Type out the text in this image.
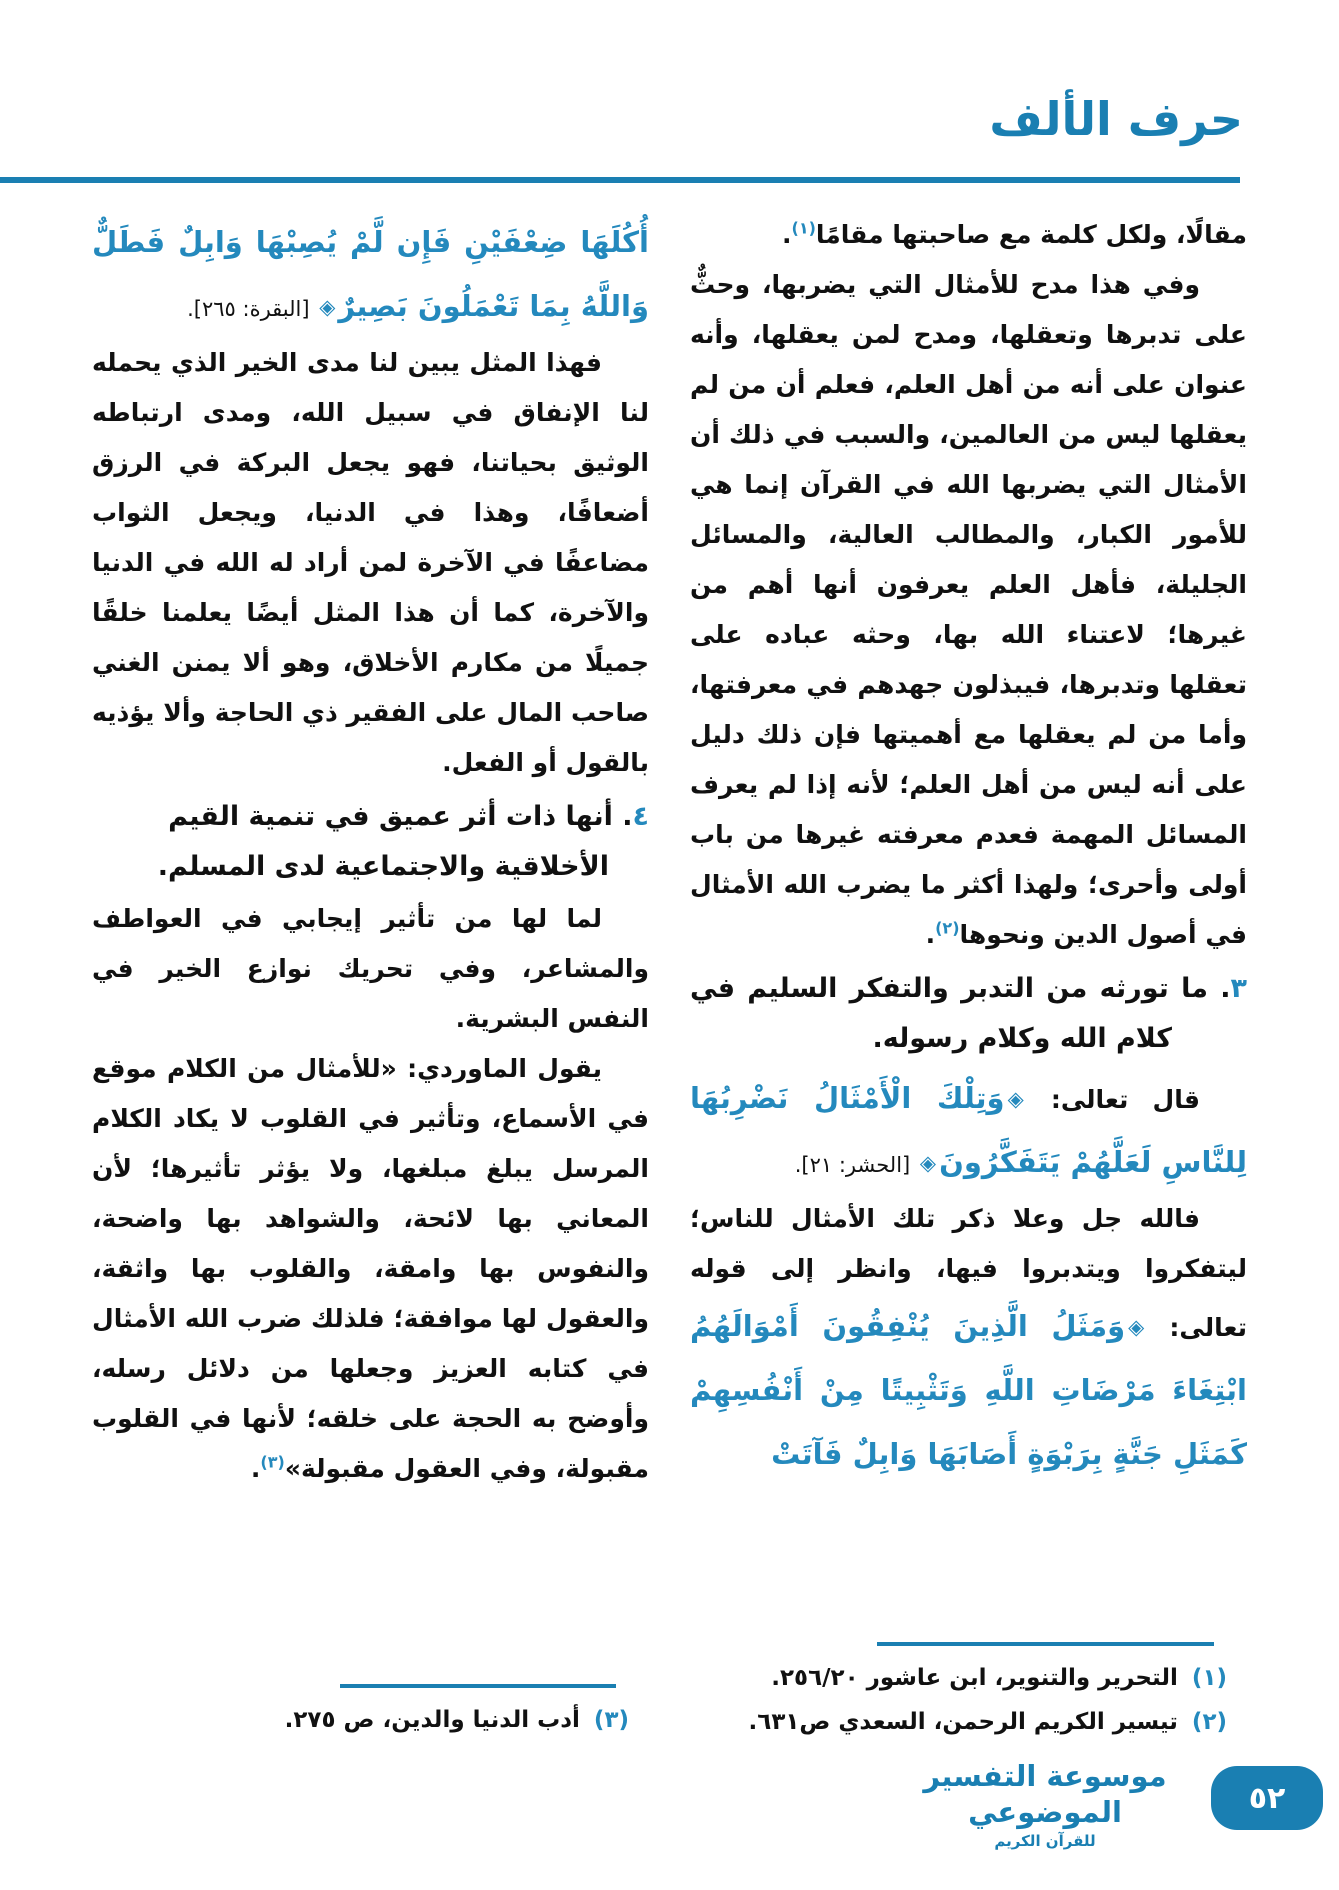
حرف الألف

مقالًا، ولكل كلمة مع صاحبتها مقامًا$^{(١)}$.

وفي هذا مدح للأمثال التي يضربها، وحثٌّ على تدبرها وتعقلها، ومدح لمن يعقلها، وأنه عنوان على أنه من أهل العلم، فعلم أن من لم يعقلها ليس من العالمين، والسبب في ذلك أن الأمثال التي يضربها الله في القرآن إنما هي للأمور الكبار، والمطالب العالية، والمسائل الجليلة، فأهل العلم يعرفون أنها أهم من غيرها؛ لاعتناء الله بها، وحثه عباده على تعقلها وتدبرها، فيبذلون جهدهم في معرفتها، وأما من لم يعقلها مع أهميتها فإن ذلك دليل على أنه ليس من أهل العلم؛ لأنه إذا لم يعرف المسائل المهمة فعدم معرفته غيرها من باب أولى وأحرى؛ ولهذا أكثر ما يضرب الله الأمثال في أصول الدين ونحوها$^{(٢)}$.

٣. ما تورثه من التدبر والتفكر السليم في كلام الله وكلام رسوله.

قال تعالى: ◈وَتِلْكَ الْأَمْثَالُ نَضْرِبُهَا لِلنَّاسِ لَعَلَّهُمْ يَتَفَكَّرُونَ◈ [الحشر: ٢١].

فالله جل وعلا ذكر تلك الأمثال للناس؛ ليتفكروا ويتدبروا فيها، وانظر إلى قوله تعالى: ◈وَمَثَلُ الَّذِينَ يُنْفِقُونَ أَمْوَالَهُمُ ابْتِغَاءَ مَرْضَاتِ اللَّهِ وَتَثْبِيتًا مِنْ أَنْفُسِهِمْ كَمَثَلِ جَنَّةٍ بِرَبْوَةٍ أَصَابَهَا وَابِلٌ فَآتَتْ

أُكُلَهَا ضِعْفَيْنِ فَإِن لَّمْ يُصِبْهَا وَابِلٌ فَطَلٌّ وَاللَّهُ بِمَا تَعْمَلُونَ بَصِيرٌ◈ [البقرة: ٢٦٥].

فهذا المثل يبين لنا مدى الخير الذي يحمله لنا الإنفاق في سبيل الله، ومدى ارتباطه الوثيق بحياتنا، فهو يجعل البركة في الرزق أضعافًا، وهذا في الدنيا، ويجعل الثواب مضاعفًا في الآخرة لمن أراد له الله في الدنيا والآخرة، كما أن هذا المثل أيضًا يعلمنا خلقًا جميلًا من مكارم الأخلاق، وهو ألا يمنن الغني صاحب المال على الفقير ذي الحاجة وألا يؤذيه بالقول أو الفعل.

٤. أنها ذات أثر عميق في تنمية القيم الأخلاقية والاجتماعية لدى المسلم.

لما لها من تأثير إيجابي في العواطف والمشاعر، وفي تحريك نوازع الخير في النفس البشرية.

يقول الماوردي: «للأمثال من الكلام موقع في الأسماع، وتأثير في القلوب لا يكاد الكلام المرسل يبلغ مبلغها، ولا يؤثر تأثيرها؛ لأن المعاني بها لائحة، والشواهد بها واضحة، والنفوس بها وامقة، والقلوب بها واثقة، والعقول لها موافقة؛ فلذلك ضرب الله الأمثال في كتابه العزيز وجعلها من دلائل رسله، وأوضح به الحجة على خلقه؛ لأنها في القلوب مقبولة، وفي العقول مقبولة»$^{(٣)}$.

(١)
التحرير والتنوير، ابن عاشور ٢٥٦/٢٠.
(٢)
تيسير الكريم الرحمن، السعدي ص٦٣١.
(٣)
أدب الدنيا والدين، ص ٢٧٥.
موسوعة التفسير الموضوعي
للقرآن الكريم
٥٢
